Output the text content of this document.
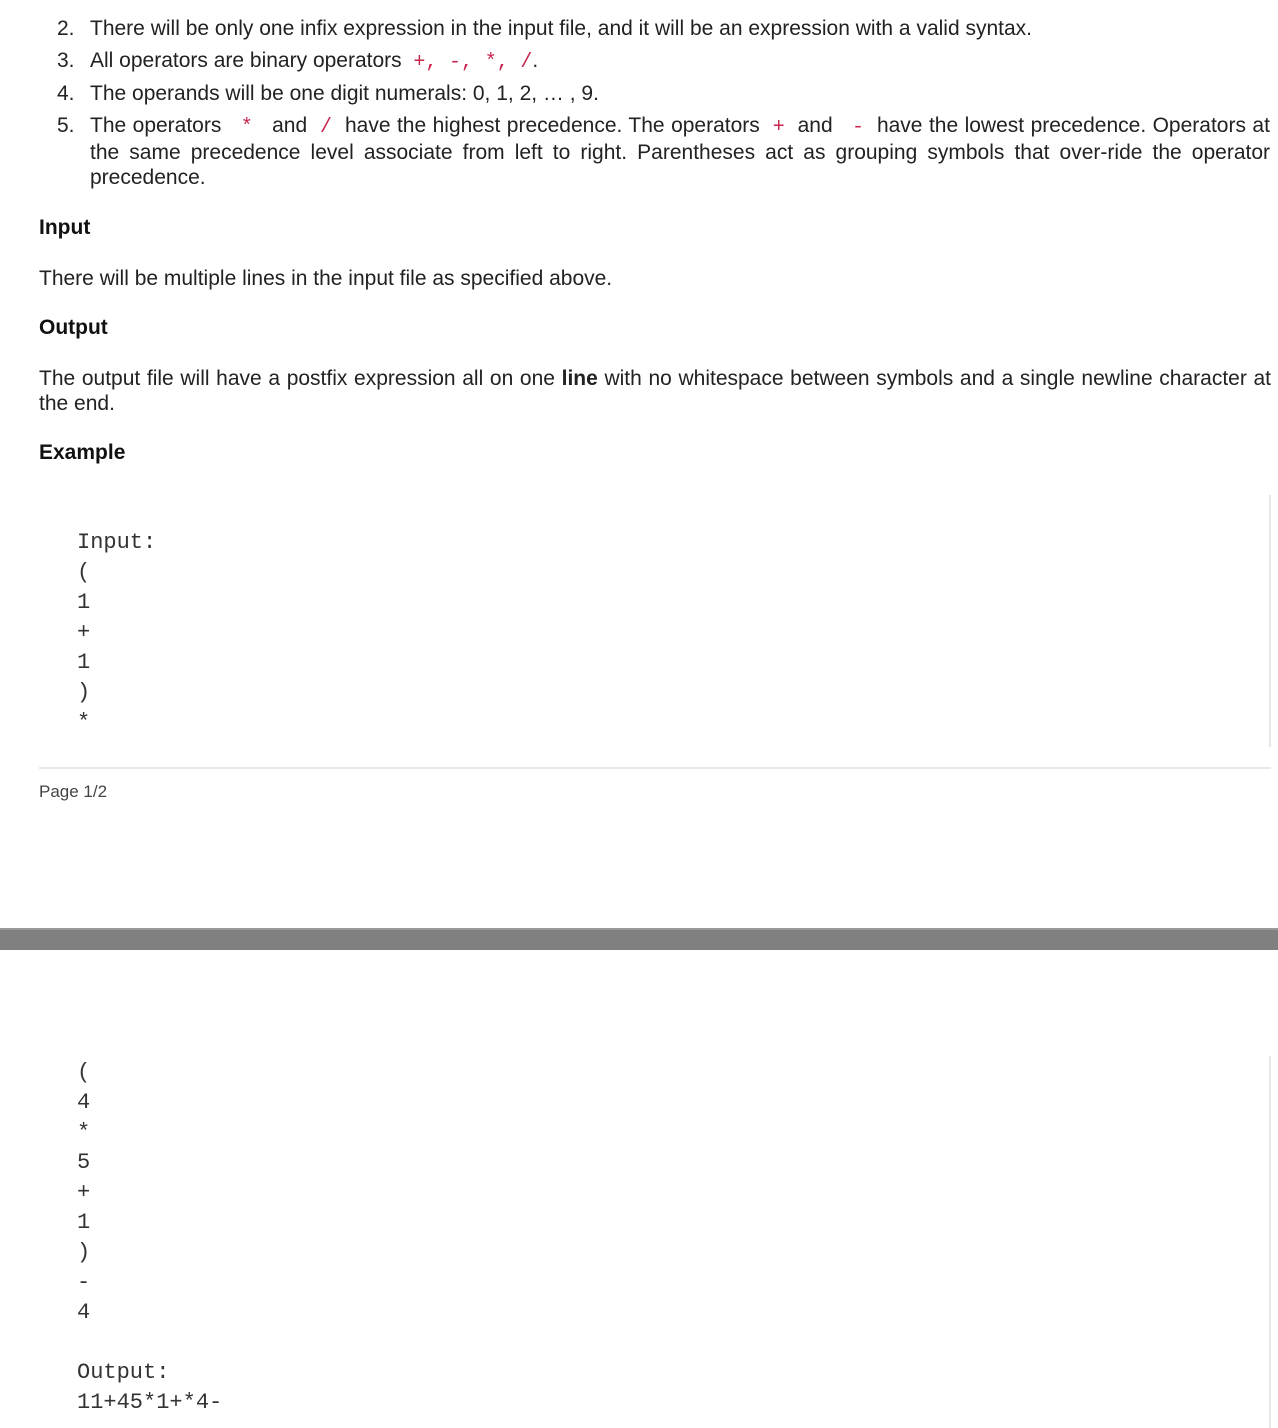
2. There will be only one infix expression in the input file, and it will be an expression with a valid syntax.
3. All operators are binary operators +, -, *, /.
4. The operands will be one digit numerals: 0, 1, 2, … , 9.
5. The operators * and / have the highest precedence. The operators + and - have the lowest precedence. Operators at the same precedence level associate from left to right. Parentheses act as grouping symbols that over-ride the operator precedence.
Input
There will be multiple lines in the input file as specified above.
Output
The output file will have a postfix expression all on one line with no whitespace between symbols and a single newline character at the end.
Example
Input:
(
1
+
1
)
*
Page 1/2
(
4
*
5
+
1
)
-
4
Output:
11+45*1+*4-
